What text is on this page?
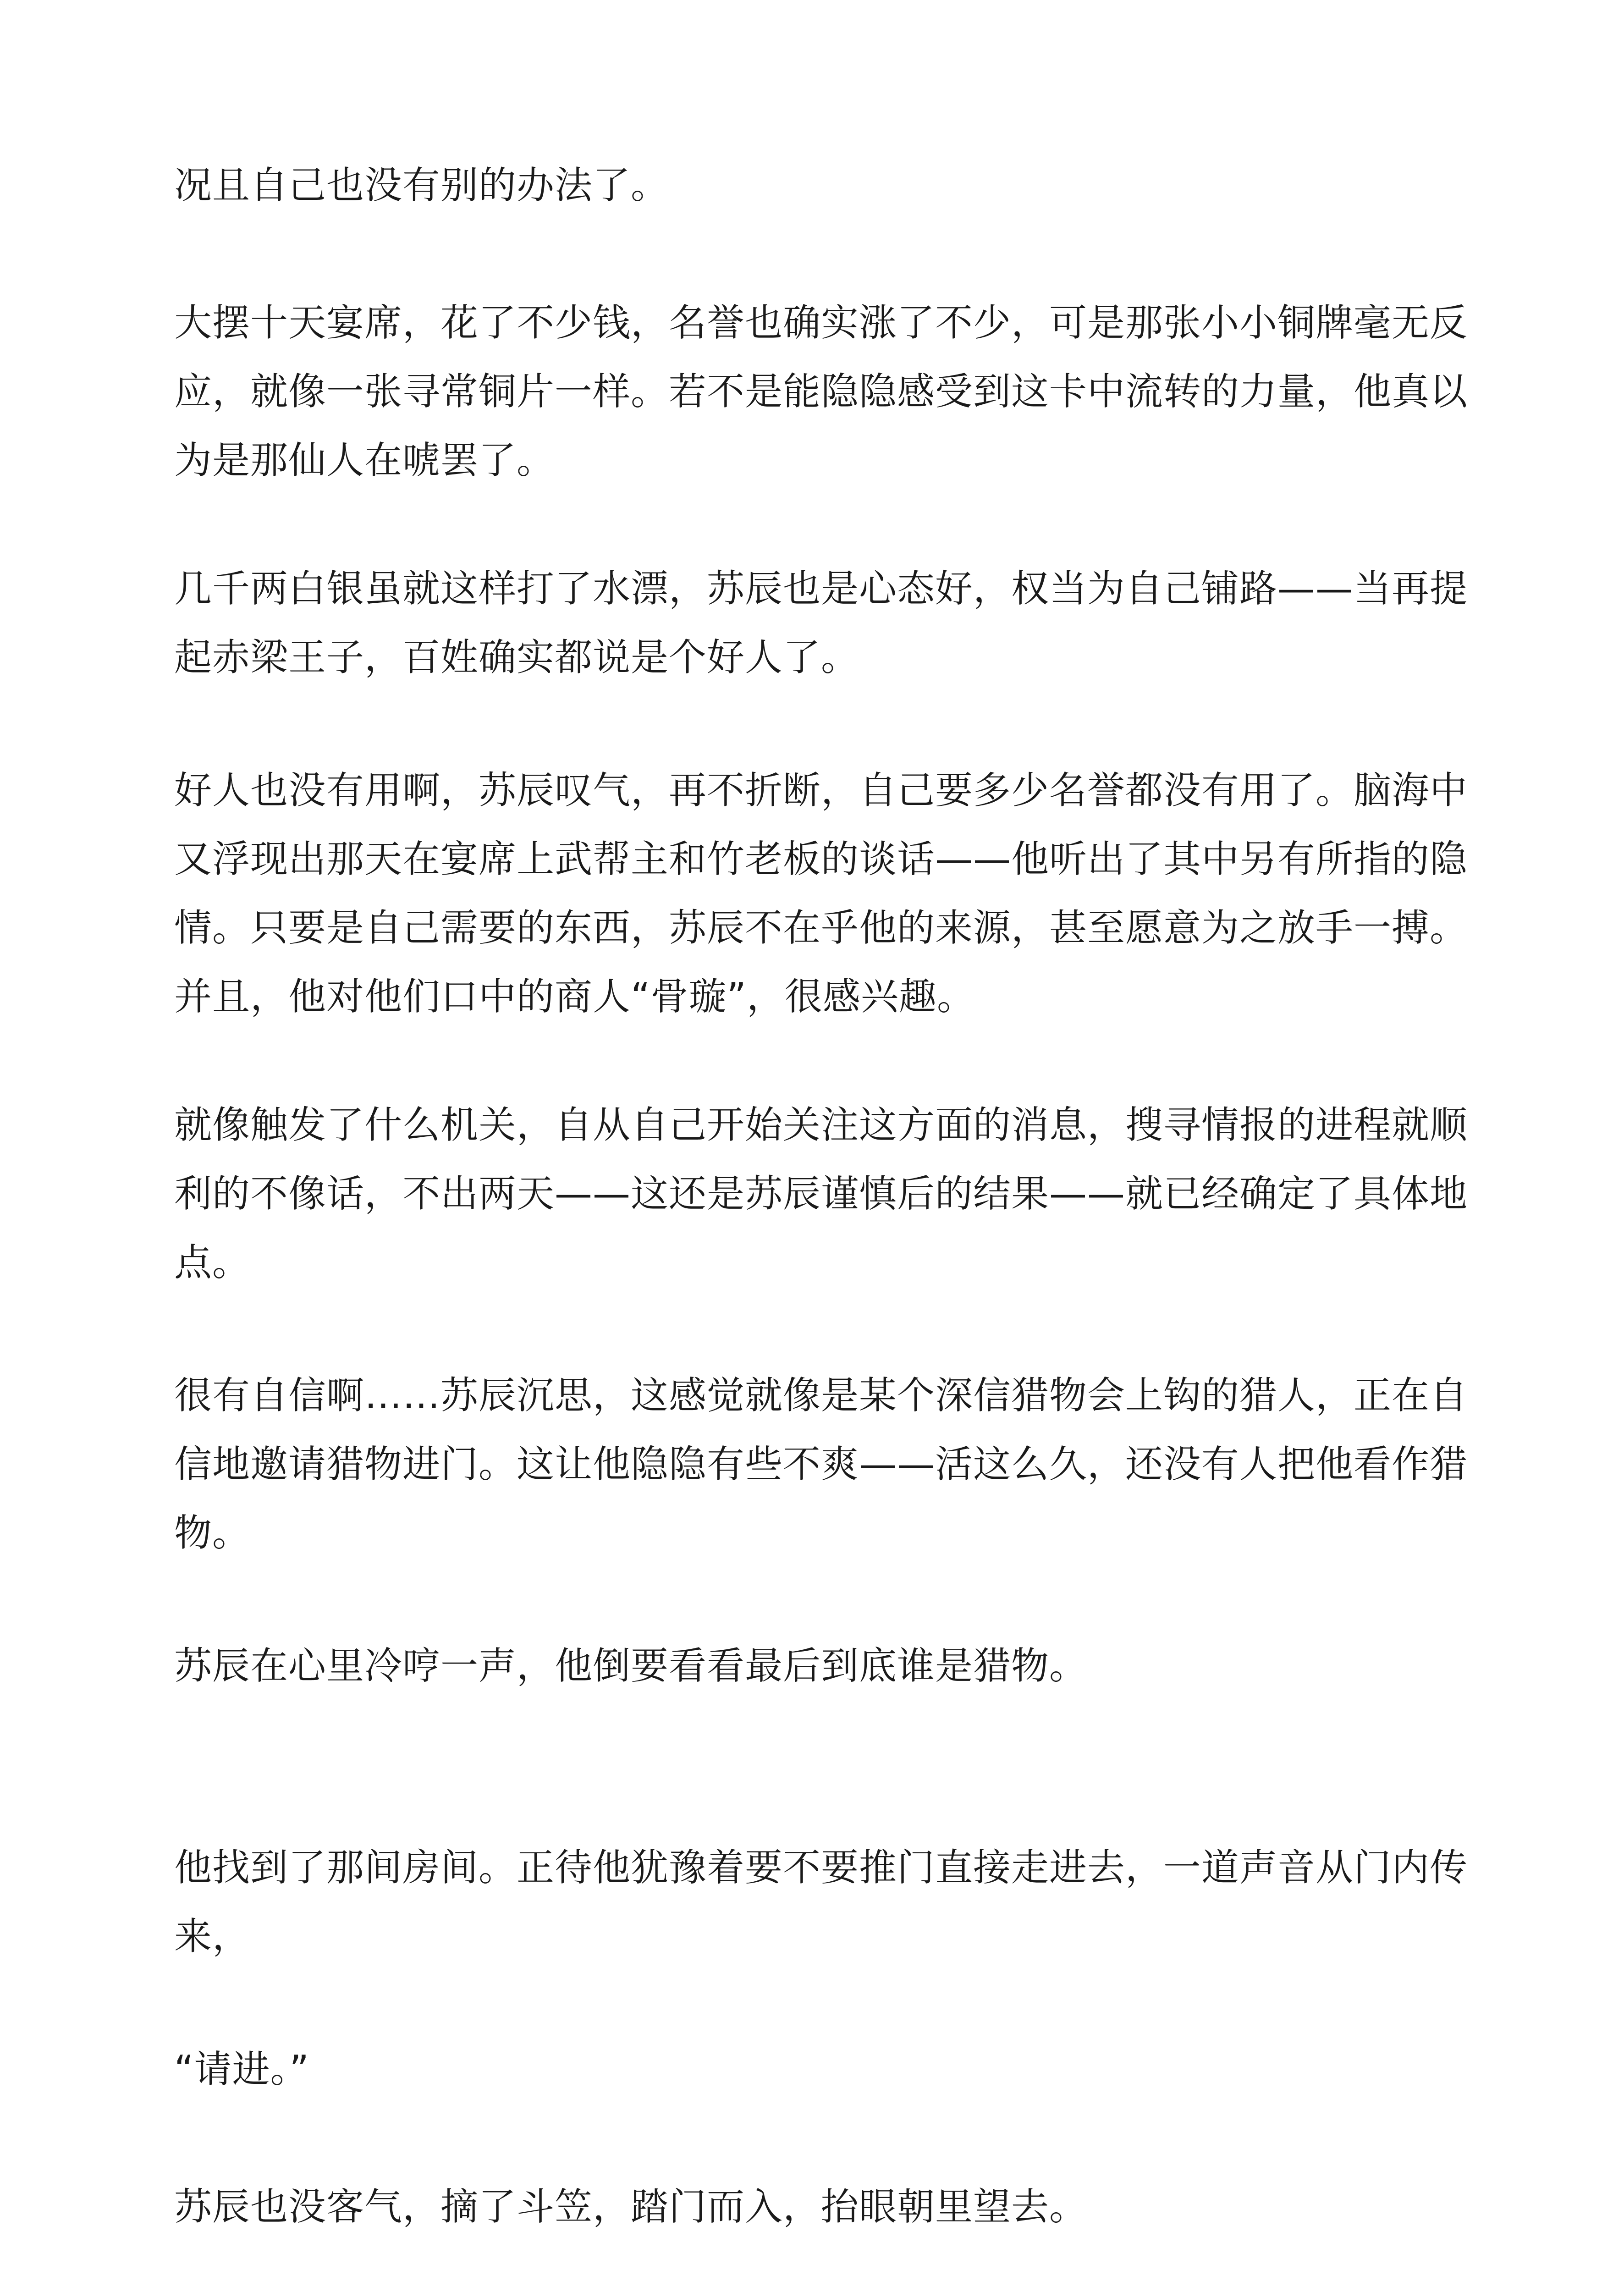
况且自己也没有别的办法了。

大摆十天宴席，花了不少钱，名誉也确实涨了不少，可是那张小小铜牌毫无反应，就像一张寻常铜片一样。若不是能隐隐感受到这卡中流转的力量，他真以为是那仙人在唬罢了。

几千两白银虽就这样打了水漂，苏辰也是心态好，权当为自己铺路——当再提起赤梁王子，百姓确实都说是个好人了。

好人也没有用啊，苏辰叹气，再不折断，自己要多少名誉都没有用了。脑海中又浮现出那天在宴席上武帮主和竹老板的谈话——他听出了其中另有所指的隐情。只要是自己需要的东西，苏辰不在乎他的来源，甚至愿意为之放手一搏。并且，他对他们口中的商人“骨璇”，很感兴趣。

就像触发了什么机关，自从自己开始关注这方面的消息，搜寻情报的进程就顺利的不像话，不出两天——这还是苏辰谨慎后的结果——就已经确定了具体地点。

很有自信啊……苏辰沉思，这感觉就像是某个深信猎物会上钩的猎人，正在自信地邀请猎物进门。这让他隐隐有些不爽——活这么久，还没有人把他看作猎物。

苏辰在心里冷哼一声，他倒要看看最后到底谁是猎物。

他找到了那间房间。正待他犹豫着要不要推门直接走进去，一道声音从门内传来，

“请进。”

苏辰也没客气，摘了斗笠，踏门而入，抬眼朝里望去。
